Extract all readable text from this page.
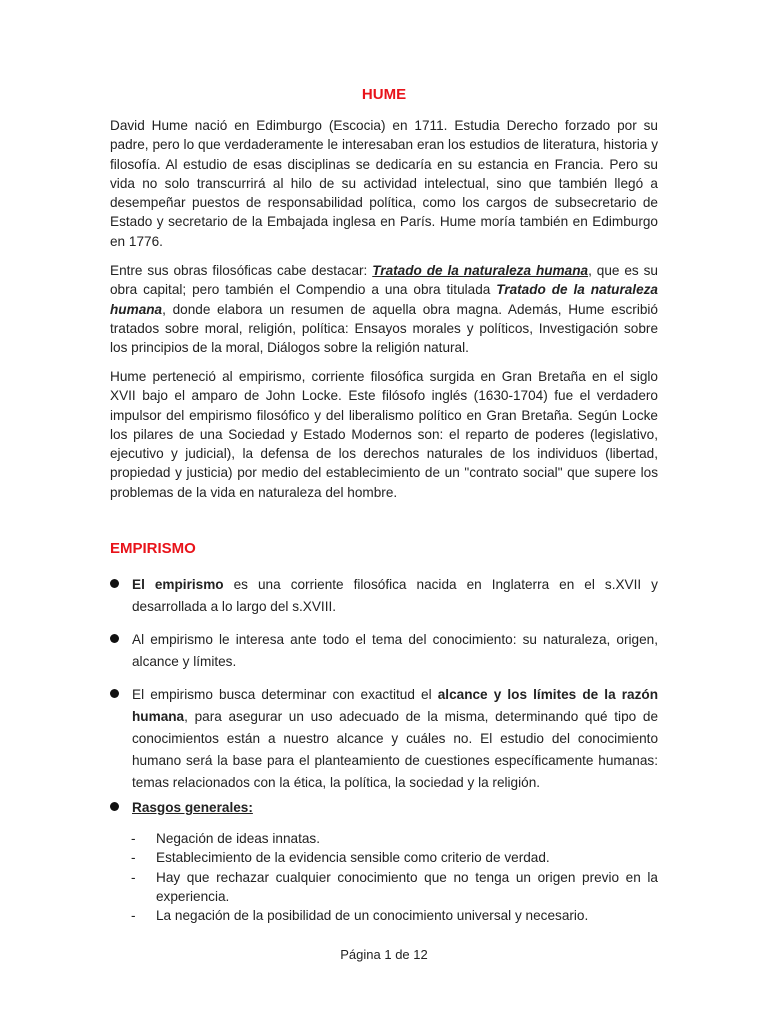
HUME

David Hume nació en Edimburgo (Escocia) en 1711. Estudia Derecho forzado por su padre, pero lo que verdaderamente le interesaban eran los estudios de literatura, historia y filosofía. Al estudio de esas disciplinas se dedicaría en su estancia en Francia. Pero su vida no solo transcurrirá al hilo de su actividad intelectual, sino que también llegó a desempeñar puestos de responsabilidad política, como los cargos de subsecretario de Estado y secretario de la Embajada inglesa en París. Hume moría también en Edimburgo en 1776.

Entre sus obras filosóficas cabe destacar: Tratado de la naturaleza humana, que es su obra capital; pero también el Compendio a una obra titulada Tratado de la naturaleza humana, donde elabora un resumen de aquella obra magna. Además, Hume escribió tratados sobre moral, religión, política: Ensayos morales y políticos, Investigación sobre los principios de la moral, Diálogos sobre la religión natural.

Hume perteneció al empirismo, corriente filosófica surgida en Gran Bretaña en el siglo XVII bajo el amparo de John Locke. Este filósofo inglés (1630-1704) fue el verdadero impulsor del empirismo filosófico y del liberalismo político en Gran Bretaña. Según Locke los pilares de una Sociedad y Estado Modernos son: el reparto de poderes (legislativo, ejecutivo y judicial), la defensa de los derechos naturales de los individuos (libertad, propiedad y justicia) por medio del establecimiento de un "contrato social" que supere los problemas de la vida en naturaleza del hombre.

EMPIRISMO

El empirismo es una corriente filosófica nacida en Inglaterra en el s.XVII y desarrollada a lo largo del s.XVIII.

Al empirismo le interesa ante todo el tema del conocimiento: su naturaleza, origen, alcance y límites.

El empirismo busca determinar con exactitud el alcance y los límites de la razón humana, para asegurar un uso adecuado de la misma, determinando qué tipo de conocimientos están a nuestro alcance y cuáles no. El estudio del conocimiento humano será la base para el planteamiento de cuestiones específicamente humanas: temas relacionados con la ética, la política, la sociedad y la religión.

Rasgos generales:

- Negación de ideas innatas.
- Establecimiento de la evidencia sensible como criterio de verdad.
- Hay que rechazar cualquier conocimiento que no tenga un origen previo en la experiencia.
- La negación de la posibilidad de un conocimiento universal y necesario.
Página 1 de 12
